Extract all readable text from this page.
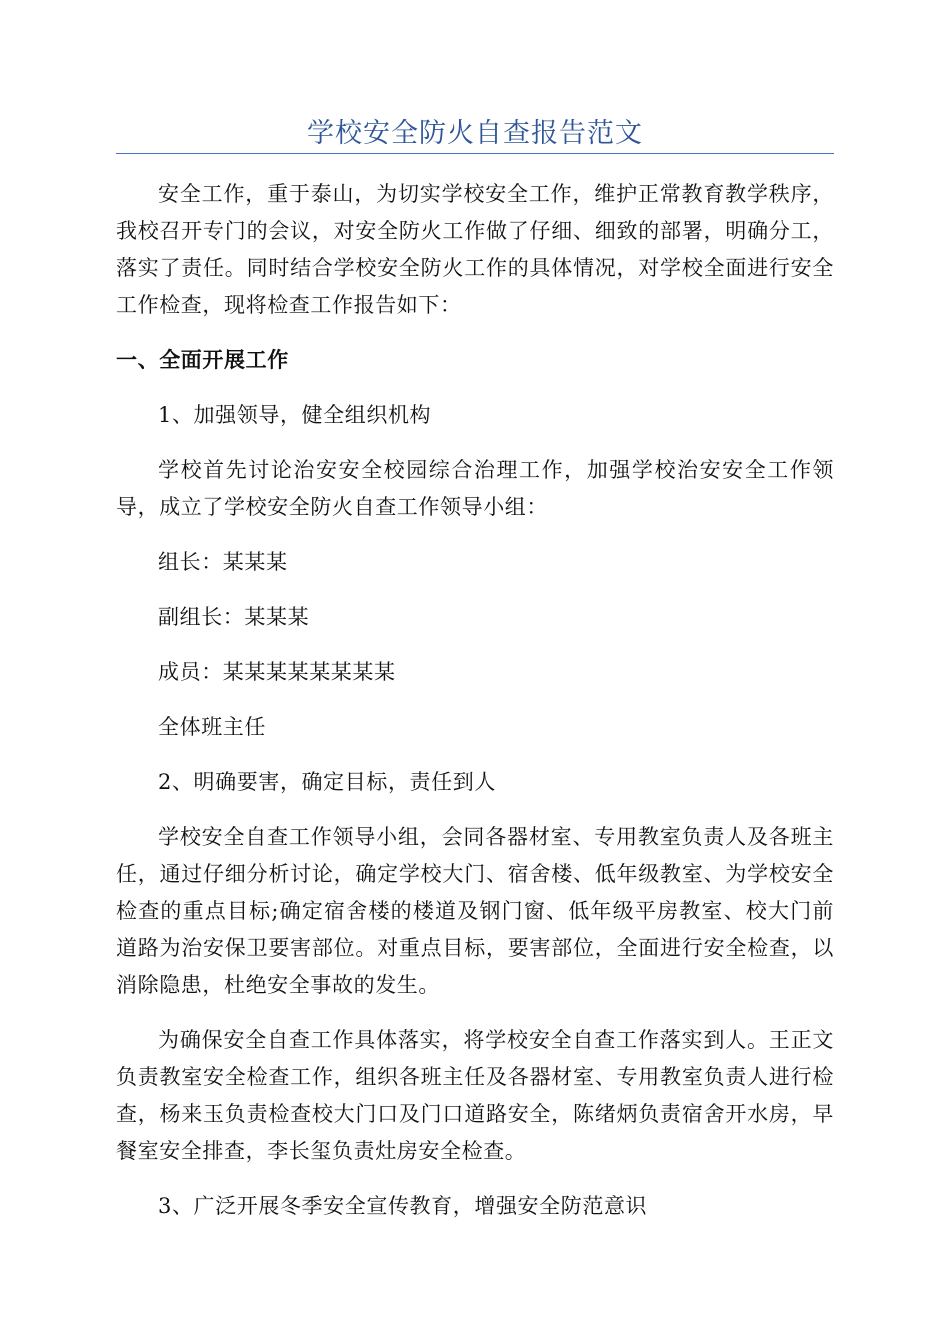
学校安全防火自查报告范文

安全工作，重于泰山，为切实学校安全工作，维护正常教育教学秩序，我校召开专门的会议，对安全防火工作做了仔细、细致的部署，明确分工，落实了责任。同时结合学校安全防火工作的具体情况，对学校全面进行安全工作检查，现将检查工作报告如下：

一、全面开展工作

1、加强领导，健全组织机构

学校首先讨论治安安全校园综合治理工作，加强学校治安安全工作领导，成立了学校安全防火自查工作领导小组：

组长：某某某

副组长：某某某

成员：某某某某某某某某

全体班主任

2、明确要害，确定目标，责任到人

学校安全自查工作领导小组，会同各器材室、专用教室负责人及各班主任，通过仔细分析讨论，确定学校大门、宿舍楼、低年级教室、为学校安全检查的重点目标;确定宿舍楼的楼道及钢门窗、低年级平房教室、校大门前道路为治安保卫要害部位。对重点目标，要害部位，全面进行安全检查，以消除隐患，杜绝安全事故的发生。

为确保安全自查工作具体落实，将学校安全自查工作落实到人。王正文负责教室安全检查工作，组织各班主任及各器材室、专用教室负责人进行检查，杨来玉负责检查校大门口及门口道路安全，陈绪炳负责宿舍开水房，早餐室安全排查，李长玺负责灶房安全检查。

3、广泛开展冬季安全宣传教育，增强安全防范意识
